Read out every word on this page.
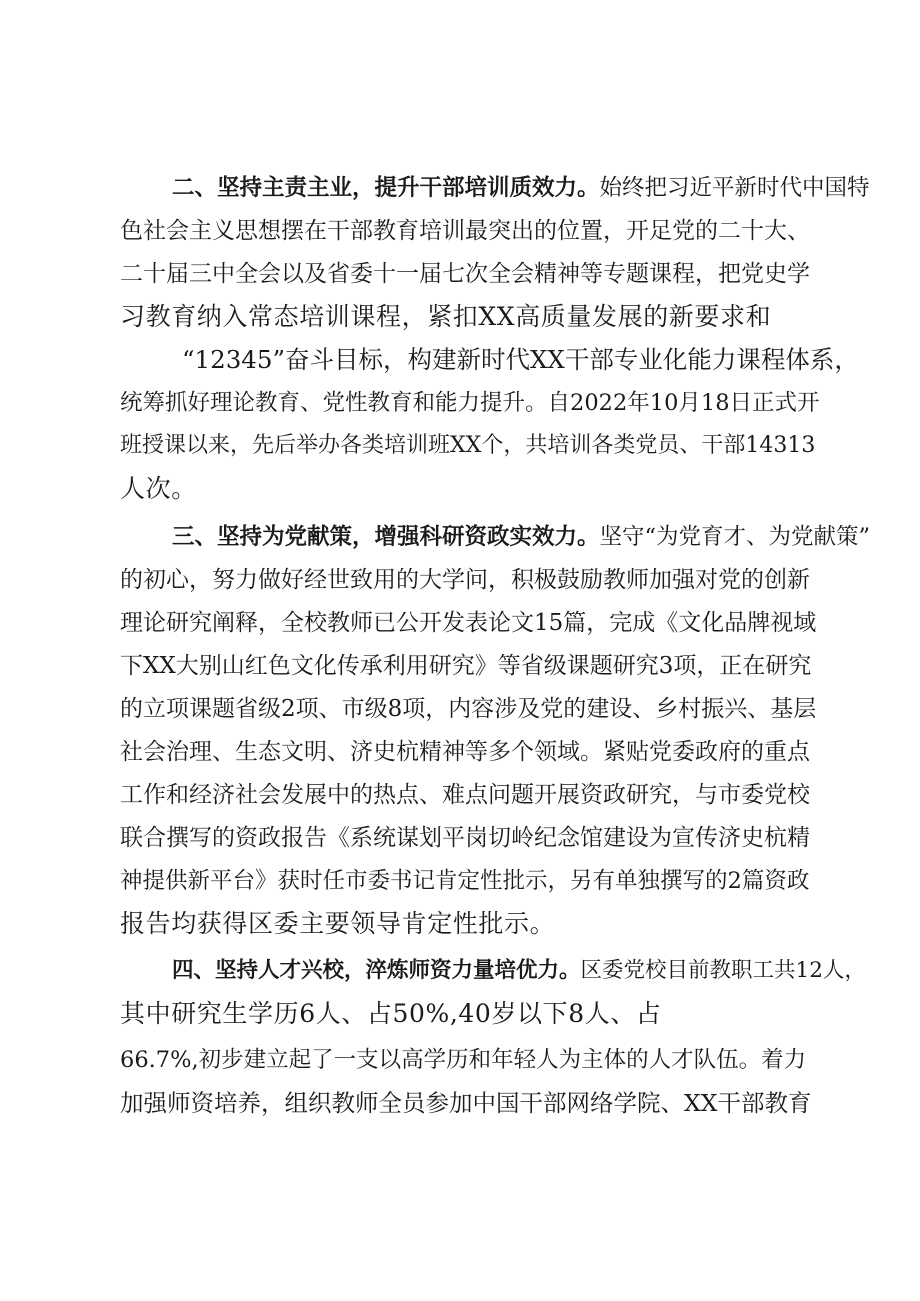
二、坚持主责主业，提升干部培训质效力。始终把习近平新时代中国特
色社会主义思想摆在干部教育培训最突出的位置，开足党的二十大、
二十届三中全会以及省委十一届七次全会精神等专题课程，把党史学
习教育纳入常态培训课程，紧扣XX高质量发展的新要求和
“12345”奋斗目标，构建新时代XX干部专业化能力课程体系，
统筹抓好理论教育、党性教育和能力提升。自2022年10月18日正式开
班授课以来，先后举办各类培训班XX个，共培训各类党员、干部14313
人次。
三、坚持为党献策，增强科研资政实效力。坚守“为党育才、为党献策”
的初心，努力做好经世致用的大学问，积极鼓励教师加强对党的创新
理论研究阐释，全校教师已公开发表论文15篇，完成《文化品牌视域
下XX大别山红色文化传承利用研究》等省级课题研究3项，正在研究
的立项课题省级2项、市级8项，内容涉及党的建设、乡村振兴、基层
社会治理、生态文明、济史杭精神等多个领域。紧贴党委政府的重点
工作和经济社会发展中的热点、难点问题开展资政研究，与市委党校
联合撰写的资政报告《系统谋划平岗切岭纪念馆建设为宣传济史杭精
神提供新平台》获时任市委书记肯定性批示，另有单独撰写的2篇资政
报告均获得区委主要领导肯定性批示。
四、坚持人才兴校，淬炼师资力量培优力。区委党校目前教职工共12人，
其中研究生学历6人、占50%,40岁以下8人、占
66.7%,初步建立起了一支以高学历和年轻人为主体的人才队伍。着力
加强师资培养，组织教师全员参加中国干部网络学院、XX干部教育
